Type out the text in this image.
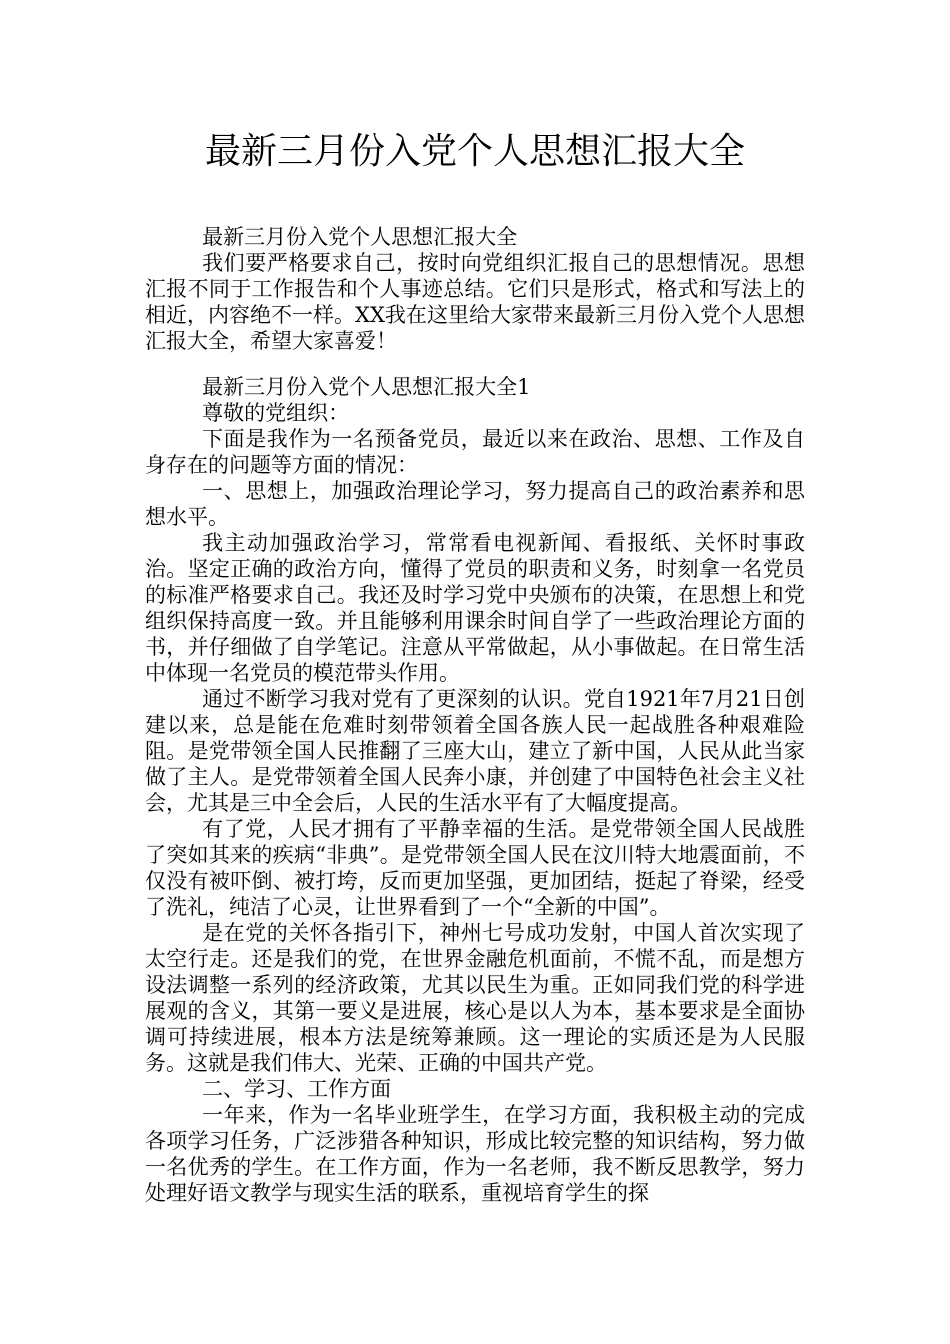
最新三月份入党个人思想汇报大全

最新三月份入党个人思想汇报大全

我们要严格要求自己，按时向党组织汇报自己的思想情况。思想汇报不同于工作报告和个人事迹总结。它们只是形式，格式和写法上的相近，内容绝不一样。XX我在这里给大家带来最新三月份入党个人思想汇报大全，希望大家喜爱！

最新三月份入党个人思想汇报大全1

尊敬的党组织：

下面是我作为一名预备党员，最近以来在政治、思想、工作及自身存在的问题等方面的情况：

一、思想上，加强政治理论学习，努力提高自己的政治素养和思想水平。

我主动加强政治学习，常常看电视新闻、看报纸、关怀时事政治。坚定正确的政治方向，懂得了党员的职责和义务，时刻拿一名党员的标准严格要求自己。我还及时学习党中央颁布的决策，在思想上和党组织保持高度一致。并且能够利用课余时间自学了一些政治理论方面的书，并仔细做了自学笔记。注意从平常做起，从小事做起。在日常生活中体现一名党员的模范带头作用。

通过不断学习我对党有了更深刻的认识。党自1921年7月21日创建以来，总是能在危难时刻带领着全国各族人民一起战胜各种艰难险阻。是党带领全国人民推翻了三座大山，建立了新中国，人民从此当家做了主人。是党带领着全国人民奔小康，并创建了中国特色社会主义社会，尤其是三中全会后，人民的生活水平有了大幅度提高。

有了党，人民才拥有了平静幸福的生活。是党带领全国人民战胜了突如其来的疾病“非典”。是党带领全国人民在汶川特大地震面前，不仅没有被吓倒、被打垮，反而更加坚强，更加团结，挺起了脊梁，经受了洗礼，纯洁了心灵，让世界看到了一个“全新的中国”。

是在党的关怀各指引下，神州七号成功发射，中国人首次实现了太空行走。还是我们的党，在世界金融危机面前，不慌不乱，而是想方设法调整一系列的经济政策，尤其以民生为重。正如同我们党的科学进展观的含义，其第一要义是进展，核心是以人为本，基本要求是全面协调可持续进展，根本方法是统筹兼顾。这一理论的实质还是为人民服务。这就是我们伟大、光荣、正确的中国共产党。

二、学习、工作方面

一年来，作为一名毕业班学生，在学习方面，我积极主动的完成各项学习任务，广泛涉猎各种知识，形成比较完整的知识结构，努力做一名优秀的学生。在工作方面，作为一名老师，我不断反思教学，努力处理好语文教学与现实生活的联系，重视培育学生的探
